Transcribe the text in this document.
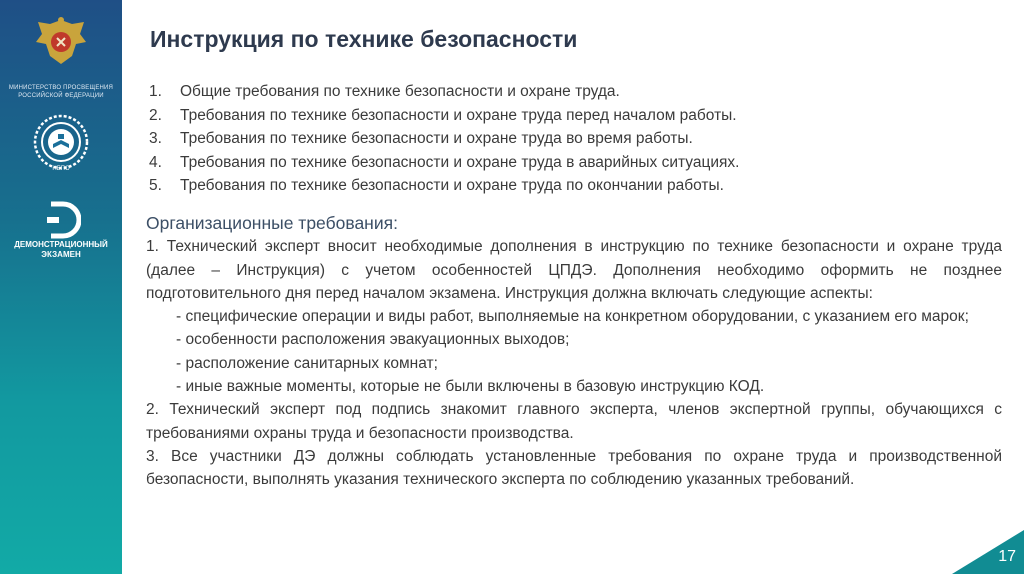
МИНИСТЕРСТВО ПРОСВЕЩЕНИЯ РОССИЙСКОЙ ФЕДЕРАЦИИ
НЕПО
ДЕМОНСТРАЦИОННЫЙ ЭКЗАМЕН
Инструкция по технике безопасности
1.	Общие требования по технике безопасности и охране труда.
2.	Требования по технике безопасности и охране труда перед началом работы.
3.	Требования по технике безопасности и охране труда во время работы.
4.	Требования по технике безопасности и охране труда в аварийных ситуациях.
5.	Требования по технике безопасности и охране труда по окончании работы.
Организационные требования:

1. Технический эксперт вносит необходимые дополнения в инструкцию по технике безопасности и охране труда (далее – Инструкция) с учетом особенностей ЦПДЭ. Дополнения необходимо оформить не позднее подготовительного дня перед началом экзамена. Инструкция должна включать следующие аспекты:

- специфические операции и виды работ, выполняемые на конкретном оборудовании, с указанием его марок;

- особенности расположения эвакуационных выходов;

- расположение санитарных комнат;

- иные важные моменты, которые не были включены в базовую инструкцию КОД.

2. Технический эксперт под подпись знакомит главного эксперта, членов экспертной группы, обучающихся с требованиями охраны труда и безопасности производства.

3. Все участники ДЭ должны соблюдать установленные требования по охране труда и производственной безопасности, выполнять указания технического эксперта по соблюдению указанных требований.

17
